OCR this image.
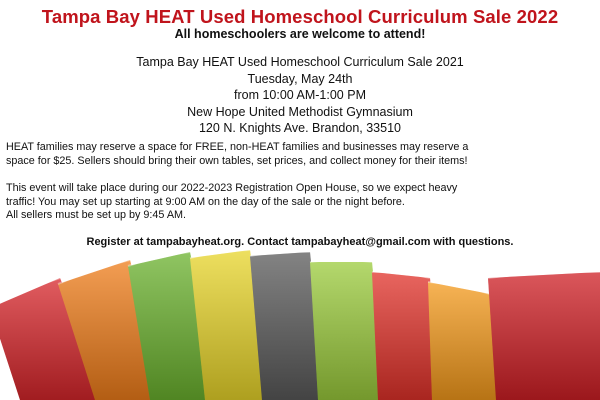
Tampa Bay HEAT Used Homeschool Curriculum Sale 2022
All homeschoolers are welcome to attend!
Tampa Bay HEAT Used Homeschool Curriculum Sale 2021
Tuesday, May 24th
from 10:00 AM-1:00 PM
New Hope United Methodist Gymnasium
120 N. Knights Ave. Brandon, 33510
HEAT families may reserve a space for FREE, non-HEAT families and businesses may reserve a
space for $25. Sellers should bring their own tables, set prices, and collect money for their items!
This event will take place during our 2022-2023 Registration Open House, so we expect heavy
traffic! You may set up starting at 9:00 AM on the day of the sale or the night before.
All sellers must be set up by 9:45 AM.
Register at tampabayheat.org. Contact tampabayheat@gmail.com with questions.
